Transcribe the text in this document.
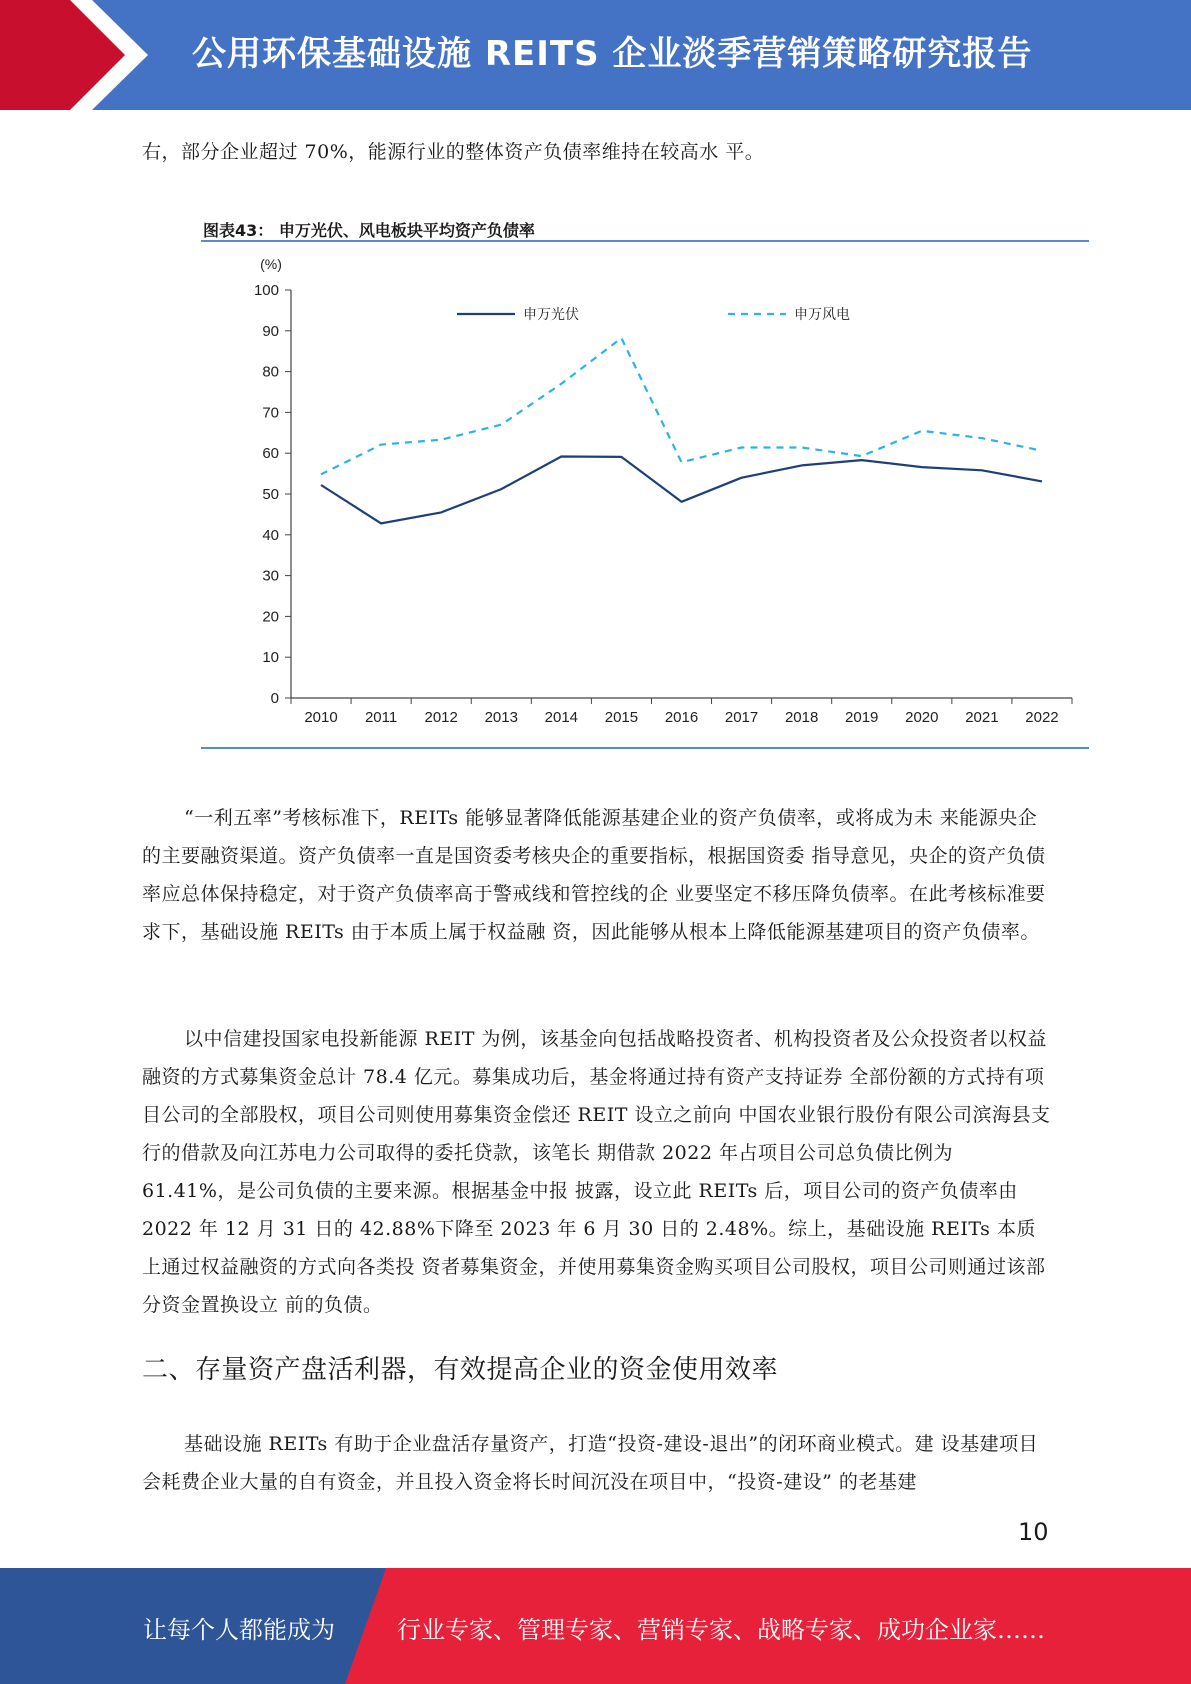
公用环保基础设施 REITS 企业淡季营销策略研究报告

右，部分企业超过 70%，能源行业的整体资产负债率维持在较高水 平。

图表43： 申万光伏、风电板块平均资产负债率
0
10
20
30
40
50
60
70
80
90
100
(%)
2010 2011 2012 2013 2014 2015 2016 2017 2018 2019 2020 2021 2022
申万光伏	申万风电

“一利五率”考核标准下，REITs 能够显著降低能源基建企业的资产负债率，或将成为未 来能源央企的主要融资渠道。资产负债率一直是国资委考核央企的重要指标，根据国资委 指导意见，央企的资产负债率应总体保持稳定，对于资产负债率高于警戒线和管控线的企 业要坚定不移压降负债率。在此考核标准要求下，基础设施 REITs 由于本质上属于权益融 资，因此能够从根本上降低能源基建项目的资产负债率。

以中信建投国家电投新能源 REIT 为例，该基金向包括战略投资者、机构投资者及公众投资者以权益融资的方式募集资金总计 78.4 亿元。募集成功后，基金将通过持有资产支持证券 全部份额的方式持有项目公司的全部股权，项目公司则使用募集资金偿还 REIT 设立之前向 中国农业银行股份有限公司滨海县支行的借款及向江苏电力公司取得的委托贷款，该笔长 期借款 2022 年占项目公司总负债比例为 61.41%，是公司负债的主要来源。根据基金中报 披露，设立此 REITs 后，项目公司的资产负债率由 2022 年 12 月 31 日的 42.88%下降至 2023 年 6 月 30 日的 2.48%。综上，基础设施 REITs 本质上通过权益融资的方式向各类投 资者募集资金，并使用募集资金购买项目公司股权，项目公司则通过该部分资金置换设立 前的负债。

二、存量资产盘活利器，有效提高企业的资金使用效率

基础设施 REITs 有助于企业盘活存量资产，打造“投资-建设-退出”的闭环商业模式。建 设基建项目会耗费企业大量的自有资金，并且投入资金将长时间沉没在项目中，“投资-建设” 的老基建

10
让每个人都能成为	行业专家、管理专家、营销专家、战略专家、成功企业家……
